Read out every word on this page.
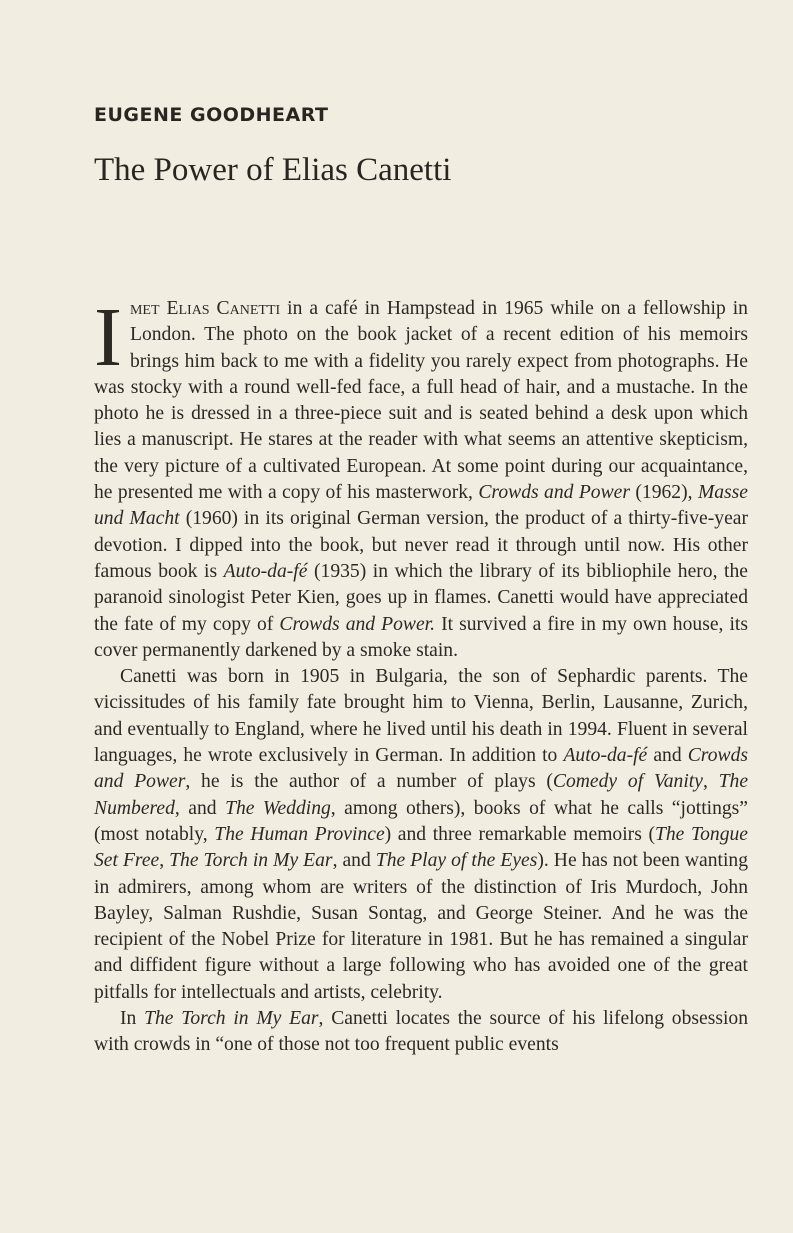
EUGENE GOODHEART
The Power of Elias Canetti

Imet Elias Canetti in a café in Hampstead in 1965 while on a fellowship in London. The photo on the book jacket of a recent edition of his memoirs brings him back to me with a fidelity you rarely expect from photographs. He was stocky with a round well-fed face, a full head of hair, and a mustache. In the photo he is dressed in a three-piece suit and is seated behind a desk upon which lies a manuscript. He stares at the reader with what seems an attentive skepticism, the very picture of a cultivated European. At some point during our acquaintance, he presented me with a copy of his masterwork, Crowds and Power (1962), Masse und Macht (1960) in its original German version, the product of a thirty-five-year devotion. I dipped into the book, but never read it through until now. His other famous book is Auto-da-fé (1935) in which the library of its bibliophile hero, the paranoid sinologist Peter Kien, goes up in flames. Canetti would have appreciated the fate of my copy of Crowds and Power. It survived a fire in my own house, its cover permanently darkened by a smoke stain.

Canetti was born in 1905 in Bulgaria, the son of Sephardic parents. The vicissitudes of his family fate brought him to Vienna, Berlin, Lausanne, Zurich, and eventually to England, where he lived until his death in 1994. Fluent in several languages, he wrote exclusively in German. In addition to Auto-da-fé and Crowds and Power, he is the author of a number of plays (Comedy of Vanity, The Numbered, and The Wedding, among others), books of what he calls “jottings” (most notably, The Human Province) and three remarkable memoirs (The Tongue Set Free, The Torch in My Ear, and The Play of the Eyes). He has not been wanting in admirers, among whom are writers of the distinction of Iris Murdoch, John Bayley, Salman Rushdie, Susan Sontag, and George Steiner. And he was the recipient of the Nobel Prize for literature in 1981. But he has remained a singular and diffident figure without a large following who has avoided one of the great pitfalls for intellectuals and artists, celebrity.

In The Torch in My Ear, Canetti locates the source of his lifelong obsession with crowds in “one of those not too frequent public events
